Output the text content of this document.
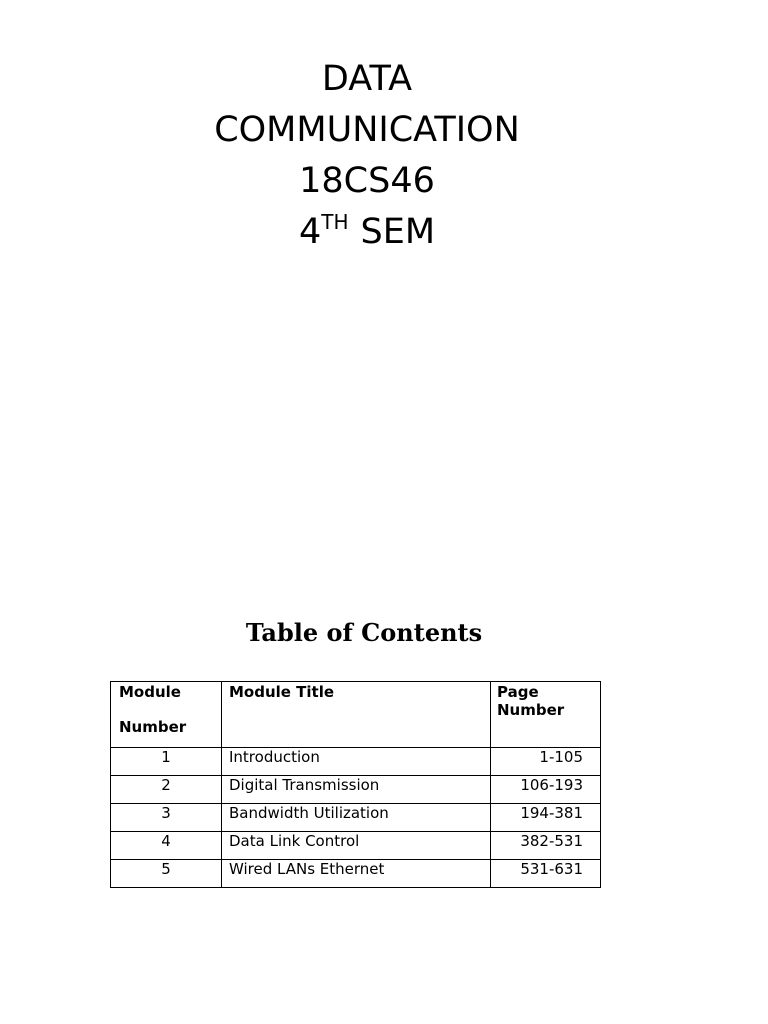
DATA
COMMUNICATION
18CS46
4TH SEM
Table of Contents
Module Number	Module Title	Page Number

1	Introduction	1-105
2	Digital Transmission	106-193
3	Bandwidth Utilization	194-381
4	Data Link Control	382-531
5	Wired LANs Ethernet	531-631
